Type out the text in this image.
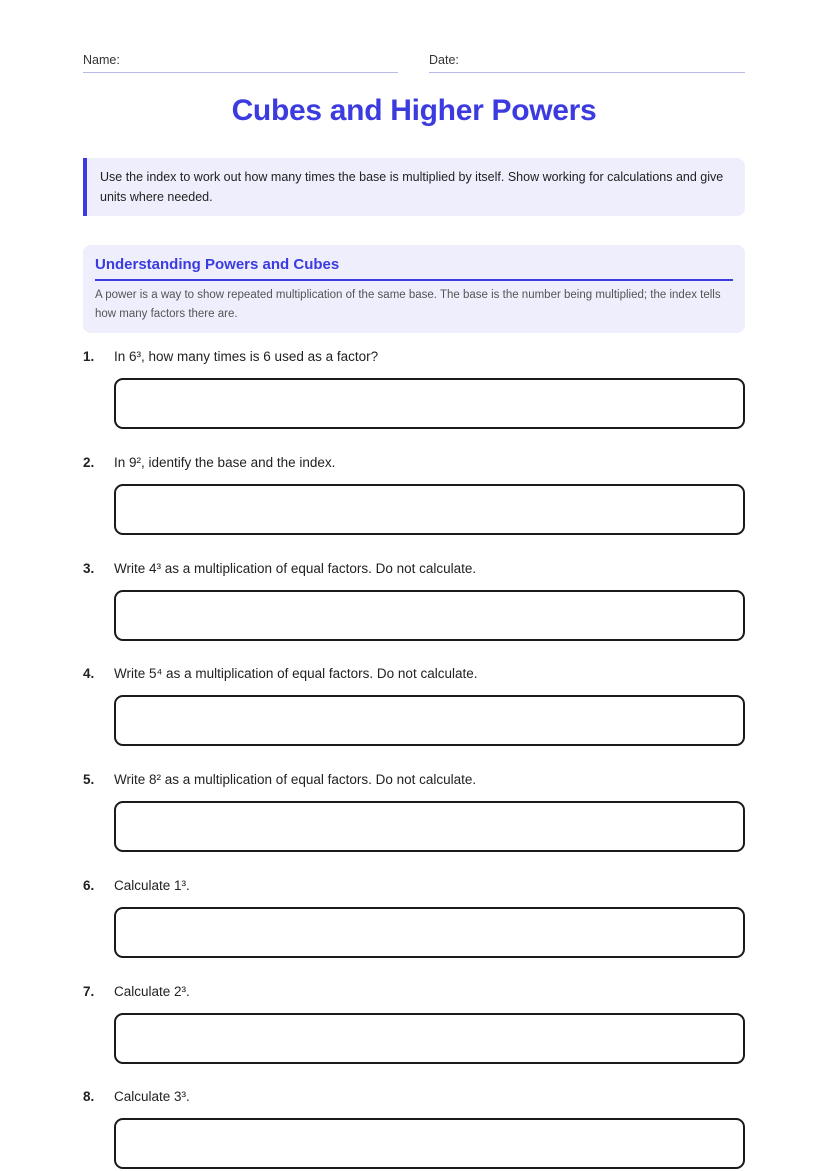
Name:	Date:
Cubes and Higher Powers
Use the index to work out how many times the base is multiplied by itself. Show working for calculations and give units where needed.
Understanding Powers and Cubes
A power is a way to show repeated multiplication of the same base. The base is the number being multiplied; the index tells how many factors there are.
1. In 6³, how many times is 6 used as a factor?
2. In 9², identify the base and the index.
3. Write 4³ as a multiplication of equal factors. Do not calculate.
4. Write 5⁴ as a multiplication of equal factors. Do not calculate.
5. Write 8² as a multiplication of equal factors. Do not calculate.
6. Calculate 1³.
7. Calculate 2³.
8. Calculate 3³.
